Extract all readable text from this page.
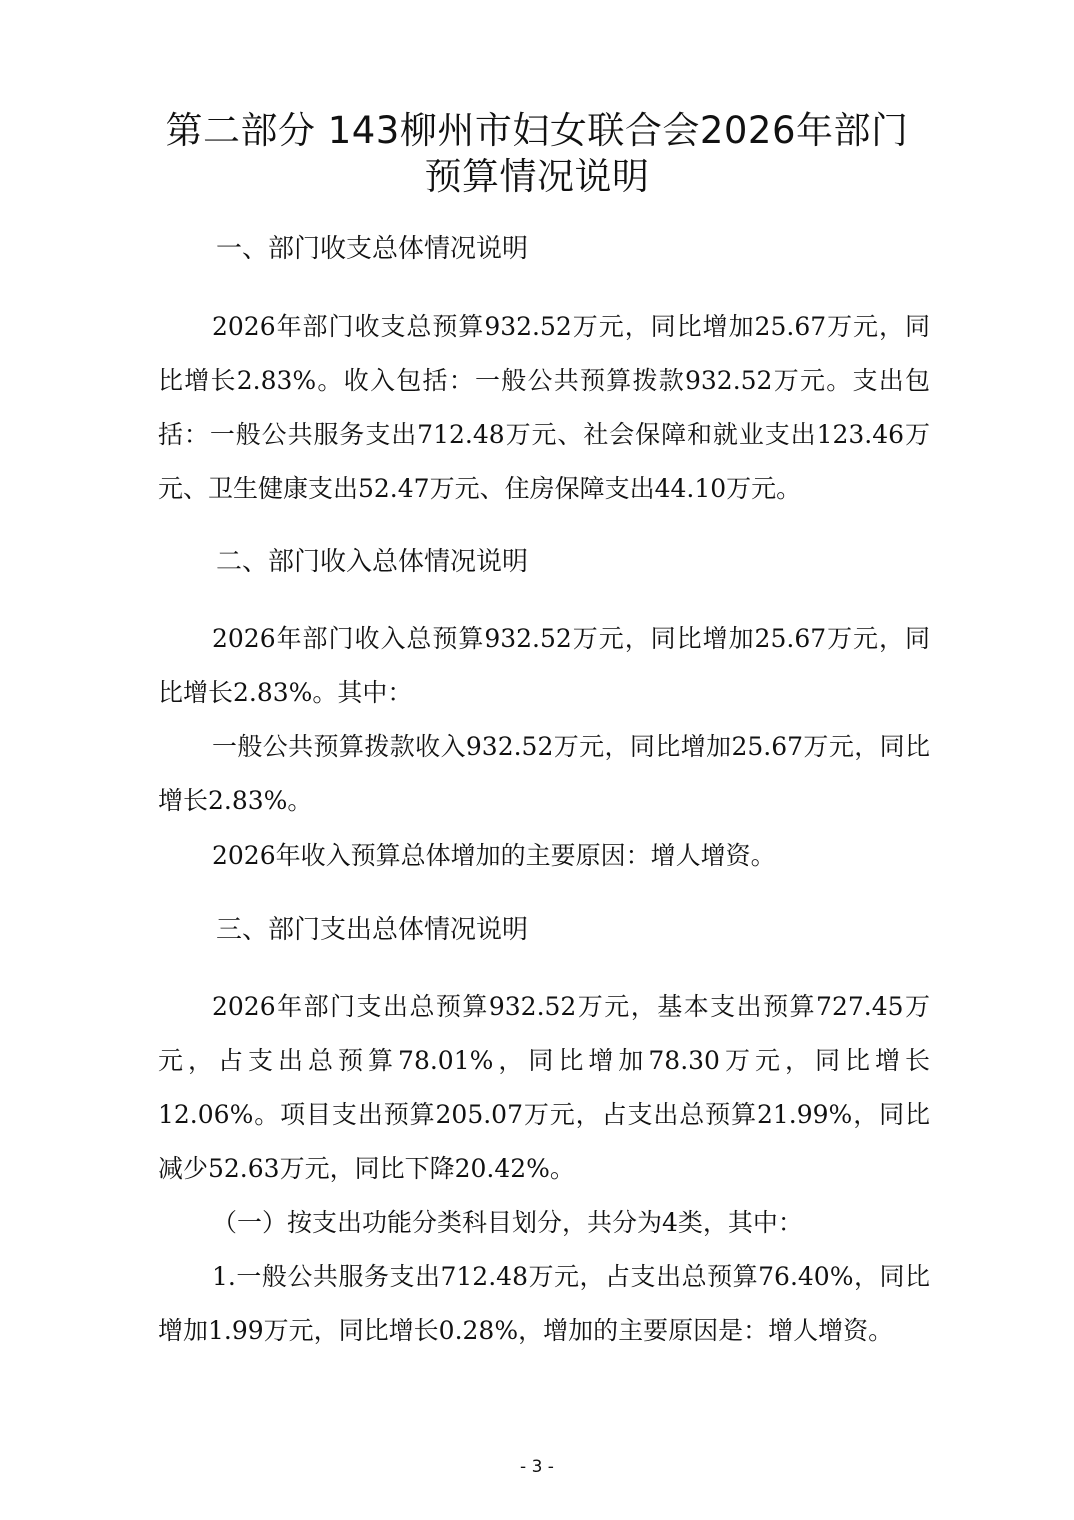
第二部分 143柳州市妇女联合会2026年部门
预算情况说明
一、部门收支总体情况说明

2026年部门收支总预算932.52万元，同比增加25.67万元，同比增长2.83%。收入包括：一般公共预算拨款932.52万元。支出包括：一般公共服务支出712.48万元、社会保障和就业支出123.46万元、卫生健康支出52.47万元、住房保障支出44.10万元。

二、部门收入总体情况说明

2026年部门收入总预算932.52万元，同比增加25.67万元，同比增长2.83%。其中：

一般公共预算拨款收入932.52万元，同比增加25.67万元，同比增长2.83%。

2026年收入预算总体增加的主要原因：增人增资。

三、部门支出总体情况说明

2026年部门支出总预算932.52万元，基本支出预算727.45万元，占支出总预算78.01%，同比增加78.30万元，同比增长12.06%。项目支出预算205.07万元，占支出总预算21.99%，同比减少52.63万元，同比下降20.42%。

（一）按支出功能分类科目划分，共分为4类，其中：

1.一般公共服务支出712.48万元，占支出总预算76.40%，同比增加1.99万元，同比增长0.28%，增加的主要原因是：增人增资。

- 3 -
